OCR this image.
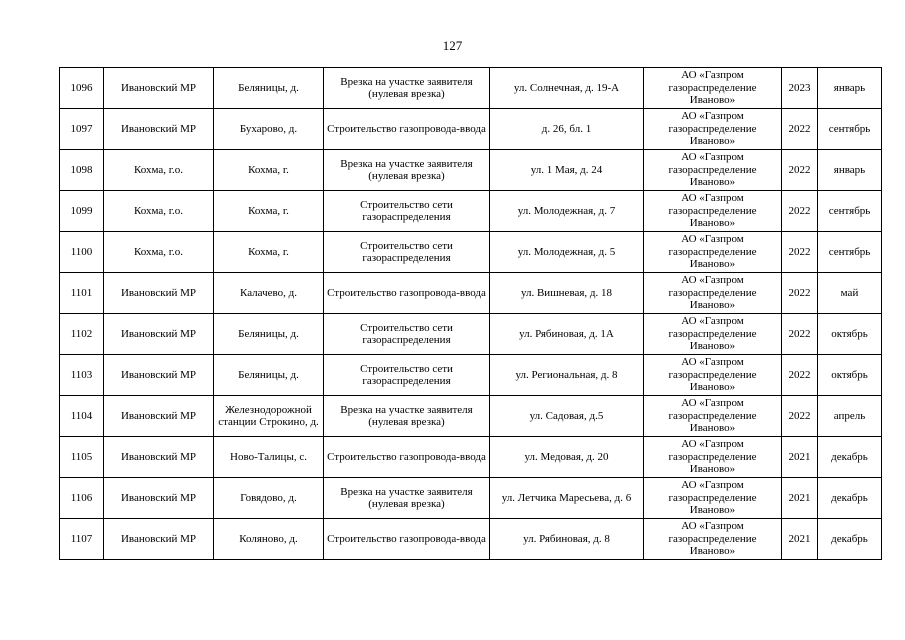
127
1096	Ивановский МР	Беляницы, д.	Врезка на участке заявителя (нулевая врезка)	ул. Солнечная, д. 19-А	АО «Газпром газораспределение Иваново»	2023	январь
1097	Ивановский МР	Бухарово, д.	Строительство газопровода-ввода	д. 26, бл. 1	АО «Газпром газораспределение Иваново»	2022	сентябрь
1098	Кохма, г.о.	Кохма, г.	Врезка на участке заявителя (нулевая врезка)	ул. 1 Мая, д. 24	АО «Газпром газораспределение Иваново»	2022	январь
1099	Кохма, г.о.	Кохма, г.	Строительство сети газораспределения	ул. Молодежная, д. 7	АО «Газпром газораспределение Иваново»	2022	сентябрь
1100	Кохма, г.о.	Кохма, г.	Строительство сети газораспределения	ул. Молодежная, д. 5	АО «Газпром газораспределение Иваново»	2022	сентябрь
1101	Ивановский МР	Калачево, д.	Строительство газопровода-ввода	ул. Вишневая, д. 18	АО «Газпром газораспределение Иваново»	2022	май
1102	Ивановский МР	Беляницы, д.	Строительство сети газораспределения	ул. Рябиновая, д. 1А	АО «Газпром газораспределение Иваново»	2022	октябрь
1103	Ивановский МР	Беляницы, д.	Строительство сети газораспределения	ул. Региональная, д. 8	АО «Газпром газораспределение Иваново»	2022	октябрь
1104	Ивановский МР	Железнодорожной станции Строкино, д.	Врезка на участке заявителя (нулевая врезка)	ул. Садовая, д.5	АО «Газпром газораспределение Иваново»	2022	апрель
1105	Ивановский МР	Ново-Талицы, с.	Строительство газопровода-ввода	ул. Медовая, д. 20	АО «Газпром газораспределение Иваново»	2021	декабрь
1106	Ивановский МР	Говядово, д.	Врезка на участке заявителя (нулевая врезка)	ул. Летчика Маресьева, д. 6	АО «Газпром газораспределение Иваново»	2021	декабрь
1107	Ивановский МР	Коляново, д.	Строительство газопровода-ввода	ул. Рябиновая, д. 8	АО «Газпром газораспределение Иваново»	2021	декабрь
